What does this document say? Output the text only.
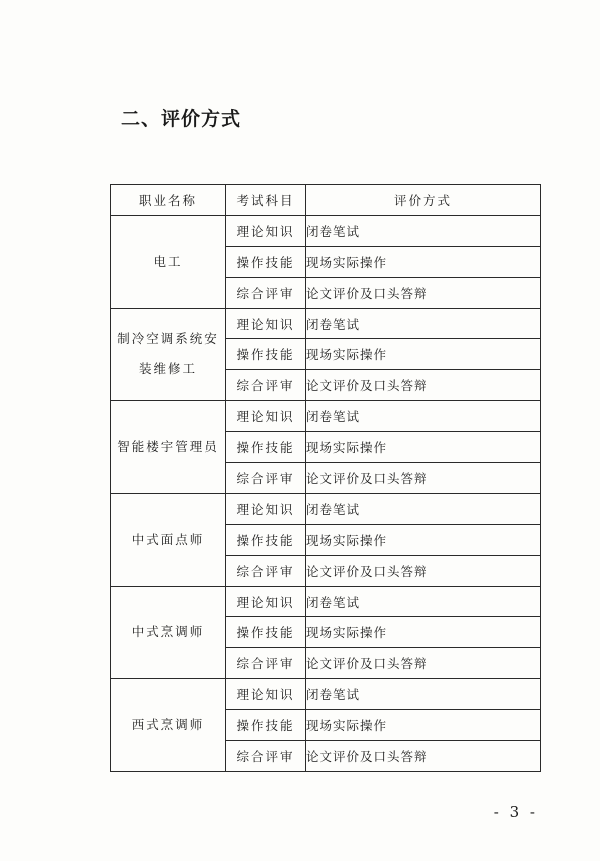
二、评价方式
职业名称	考试科目	评价方式
电工	理论知识	闭卷笔试
	操作技能	现场实际操作
	综合评审	论文评价及口头答辩
制冷空调系统安装维修工	理论知识	闭卷笔试
	操作技能	现场实际操作
	综合评审	论文评价及口头答辩
智能楼宇管理员	理论知识	闭卷笔试
	操作技能	现场实际操作
	综合评审	论文评价及口头答辩
中式面点师	理论知识	闭卷笔试
	操作技能	现场实际操作
	综合评审	论文评价及口头答辩
中式烹调师	理论知识	闭卷笔试
	操作技能	现场实际操作
	综合评审	论文评价及口头答辩
西式烹调师	理论知识	闭卷笔试
	操作技能	现场实际操作
	综合评审	论文评价及口头答辩
- 3 -
